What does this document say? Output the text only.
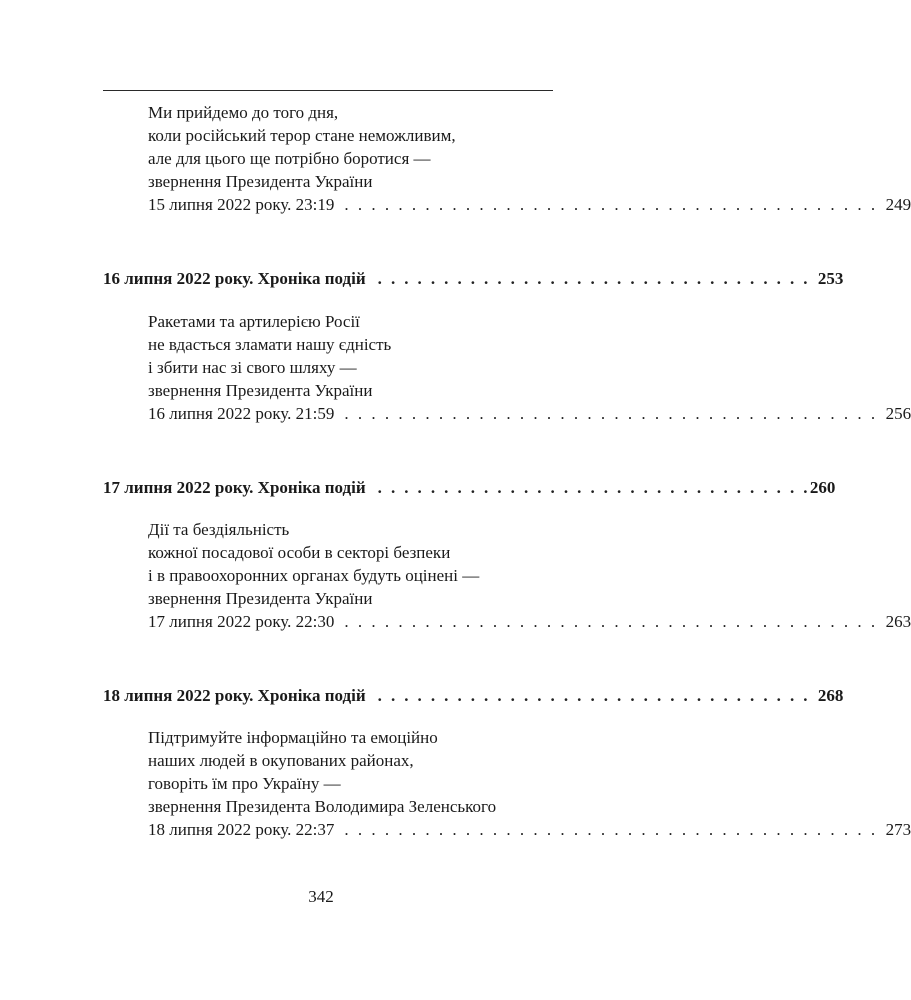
Ми прийдемо до того дня,
коли російський терор стане неможливим,
але для цього ще потрібно боротися —
звернення Президента України
15 липня 2022 року. 23:19 . . . . . . . . . . . . . . . . . . . . . . . . . . . . . . . . . . . . . . . . 249
16 липня 2022 року. Хроніка подій . . . . . . . . . . . . . . . . . . . . . . . . . . . . . . . . . 253
Ракетами та артилерією Росії
не вдасться зламати нашу єдність
і збити нас зі свого шляху —
звернення Президента України
16 липня 2022 року. 21:59 . . . . . . . . . . . . . . . . . . . . . . . . . . . . . . . . . . . . . . . . 256
17 липня 2022 року. Хроніка подій . . . . . . . . . . . . . . . . . . . . . . . . . . . . . . . . . 260
Дії та бездіяльність
кожної посадової особи в секторі безпеки
і в правоохоронних органах будуть оцінені —
звернення Президента України
17 липня 2022 року. 22:30 . . . . . . . . . . . . . . . . . . . . . . . . . . . . . . . . . . . . . . . . 263
18 липня 2022 року. Хроніка подій . . . . . . . . . . . . . . . . . . . . . . . . . . . . . . . . . 268
Підтримуйте інформаційно та емоційно
наших людей в окупованих районах,
говоріть їм про Україну —
звернення Президента Володимира Зеленського
18 липня 2022 року. 22:37 . . . . . . . . . . . . . . . . . . . . . . . . . . . . . . . . . . . . . . . . 273
342
